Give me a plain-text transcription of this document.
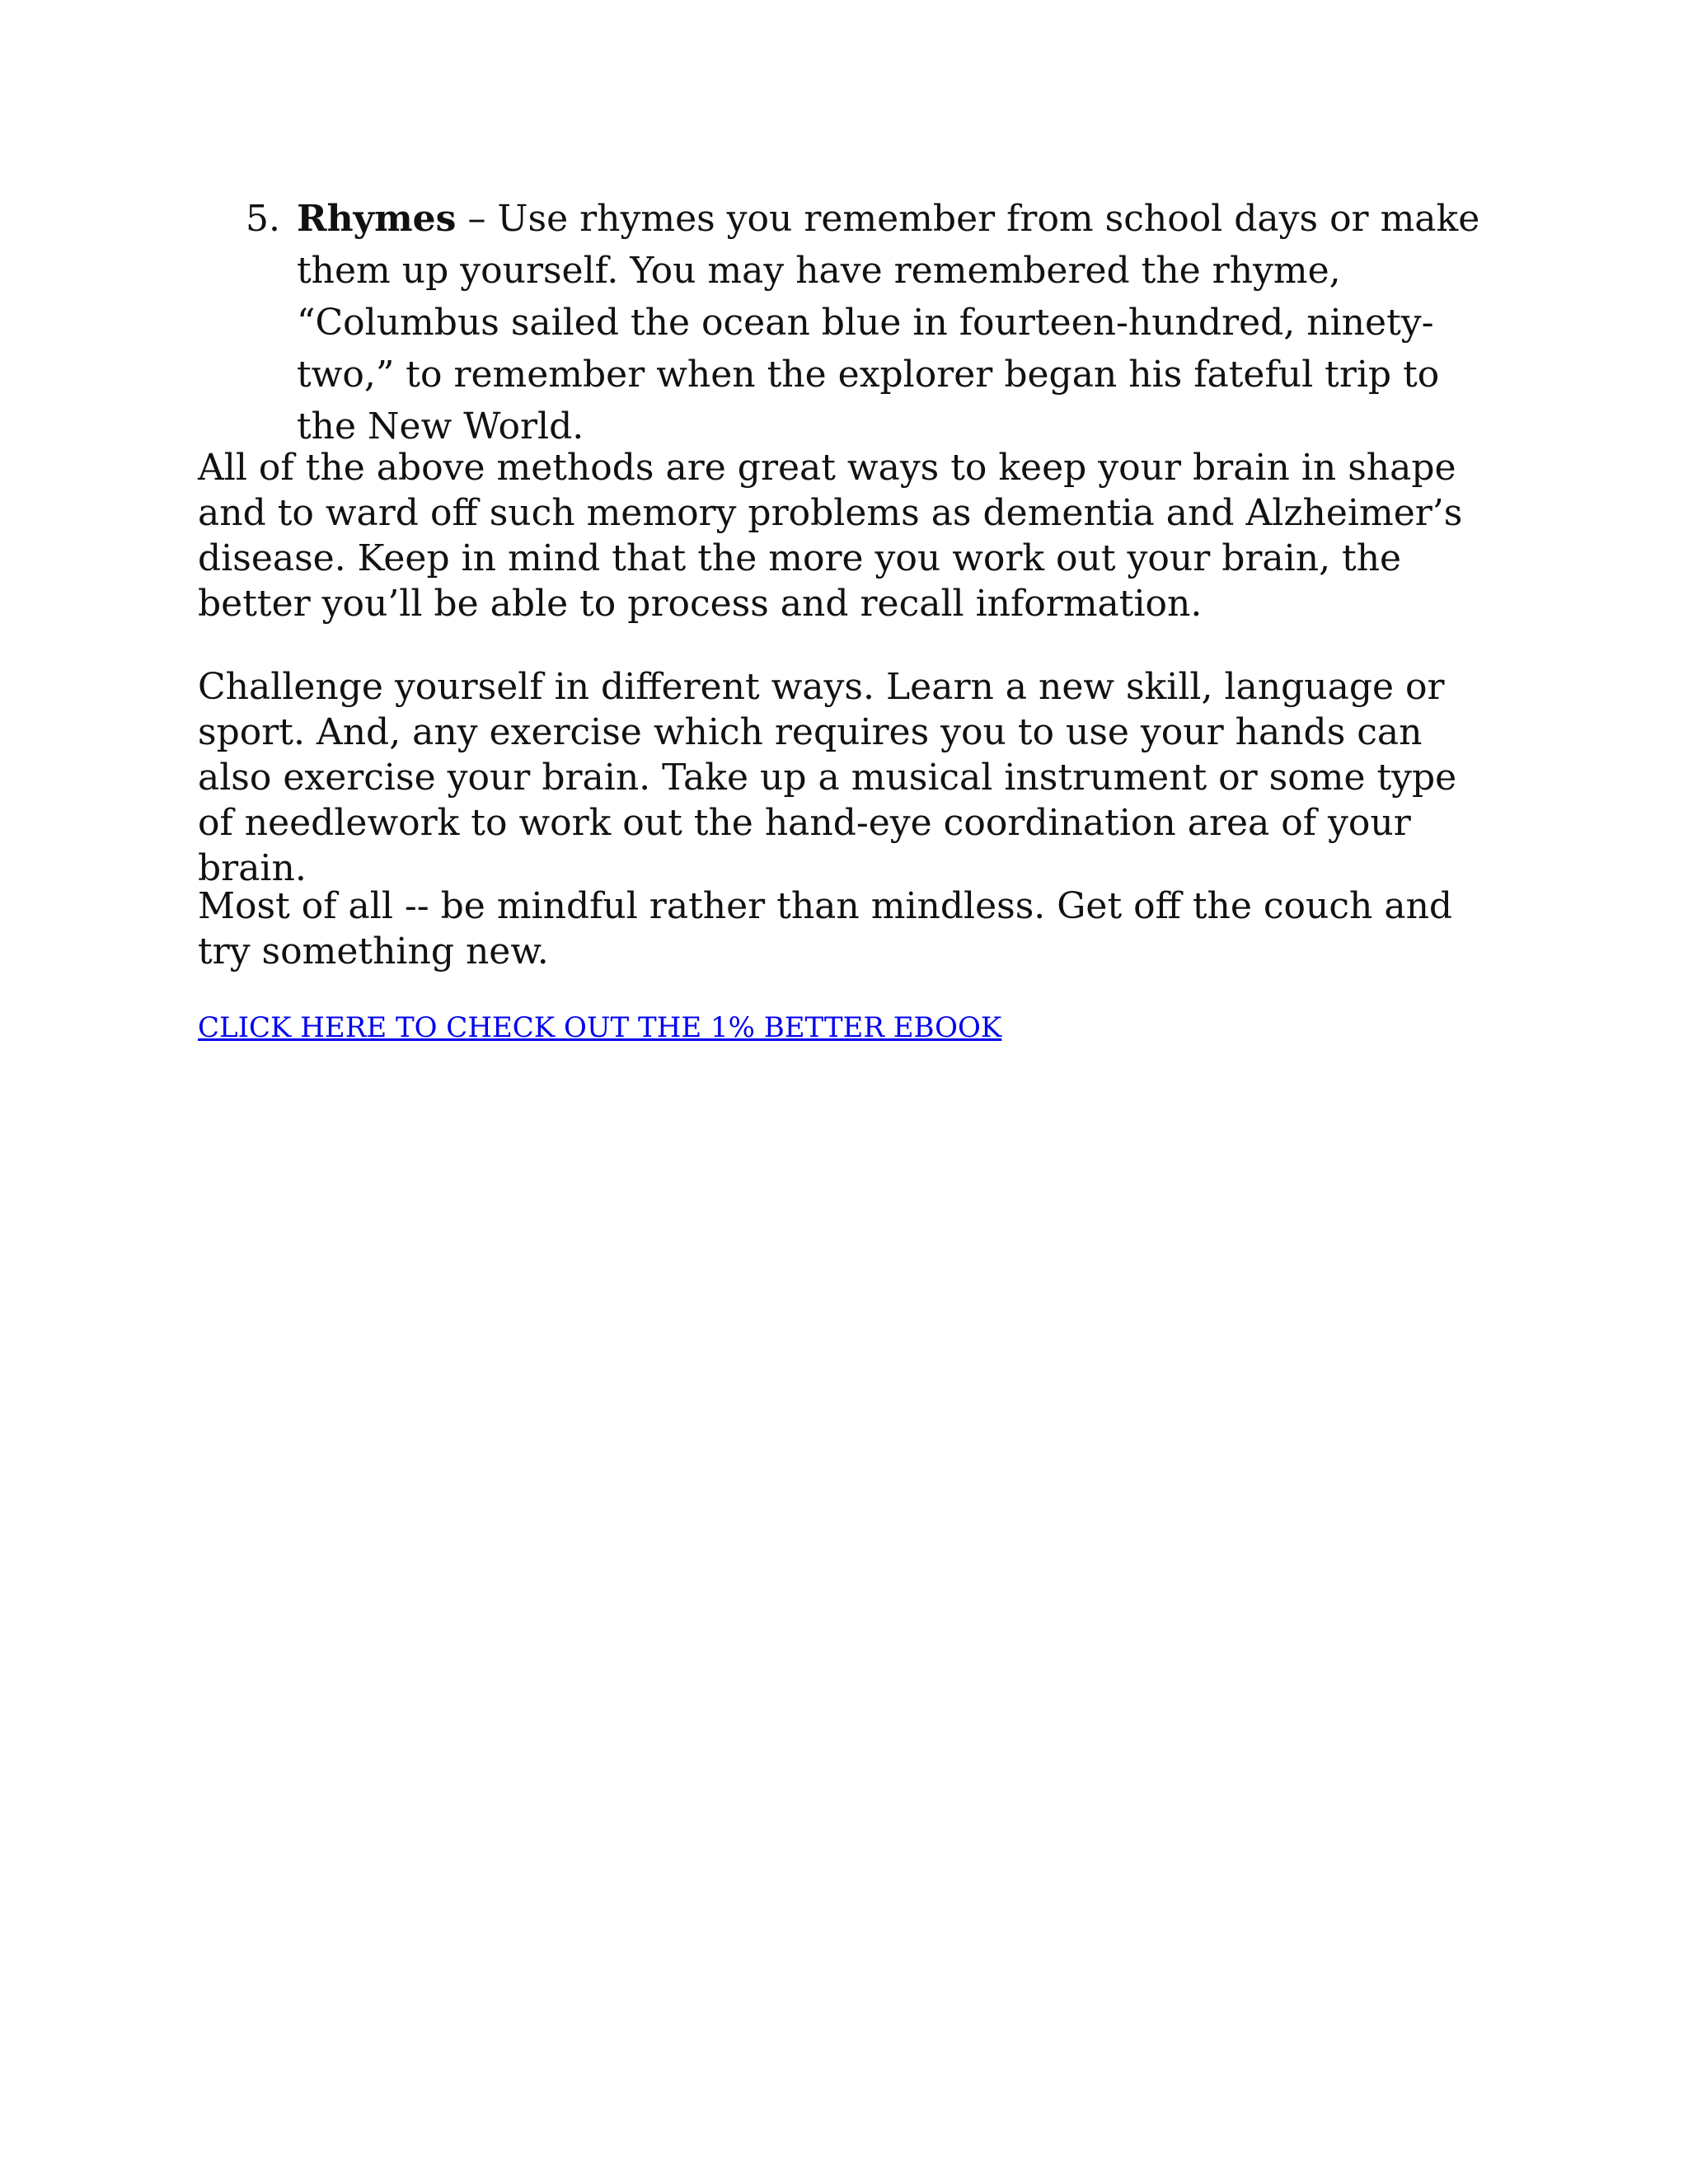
5. Rhymes – Use rhymes you remember from school days or make them up yourself. You may have remembered the rhyme, “Columbus sailed the ocean blue in fourteen-hundred, ninety-two,” to remember when the explorer began his fateful trip to the New World.

All of the above methods are great ways to keep your brain in shape and to ward off such memory problems as dementia and Alzheimer’s disease. Keep in mind that the more you work out your brain, the better you’ll be able to process and recall information.

Challenge yourself in different ways. Learn a new skill, language or sport. And, any exercise which requires you to use your hands can also exercise your brain. Take up a musical instrument or some type of needlework to work out the hand-eye coordination area of your brain.

Most of all -- be mindful rather than mindless. Get off the couch and try something new.

CLICK HERE TO CHECK OUT THE 1% BETTER EBOOK
